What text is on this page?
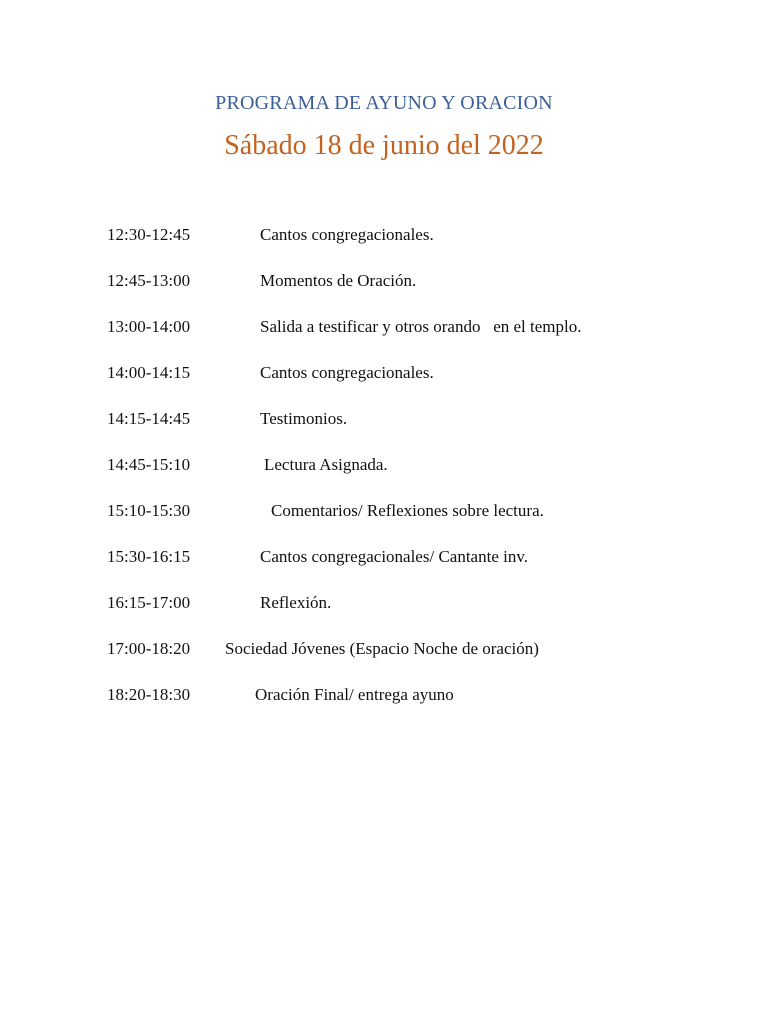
PROGRAMA DE AYUNO Y ORACION
Sábado 18 de junio del 2022
12:30-12:45	Cantos congregacionales.
12:45-13:00	Momentos de Oración.
13:00-14:00	Salida a testificar y otros orando   en el templo.
14:00-14:15	Cantos congregacionales.
14:15-14:45	Testimonios.
14:45-15:10	Lectura Asignada.
15:10-15:30	Comentarios/ Reflexiones sobre lectura.
15:30-16:15	Cantos congregacionales/ Cantante inv.
16:15-17:00	Reflexión.
17:00-18:20 Sociedad Jóvenes (Espacio Noche de oración)
18:20-18:30	Oración Final/ entrega ayuno
